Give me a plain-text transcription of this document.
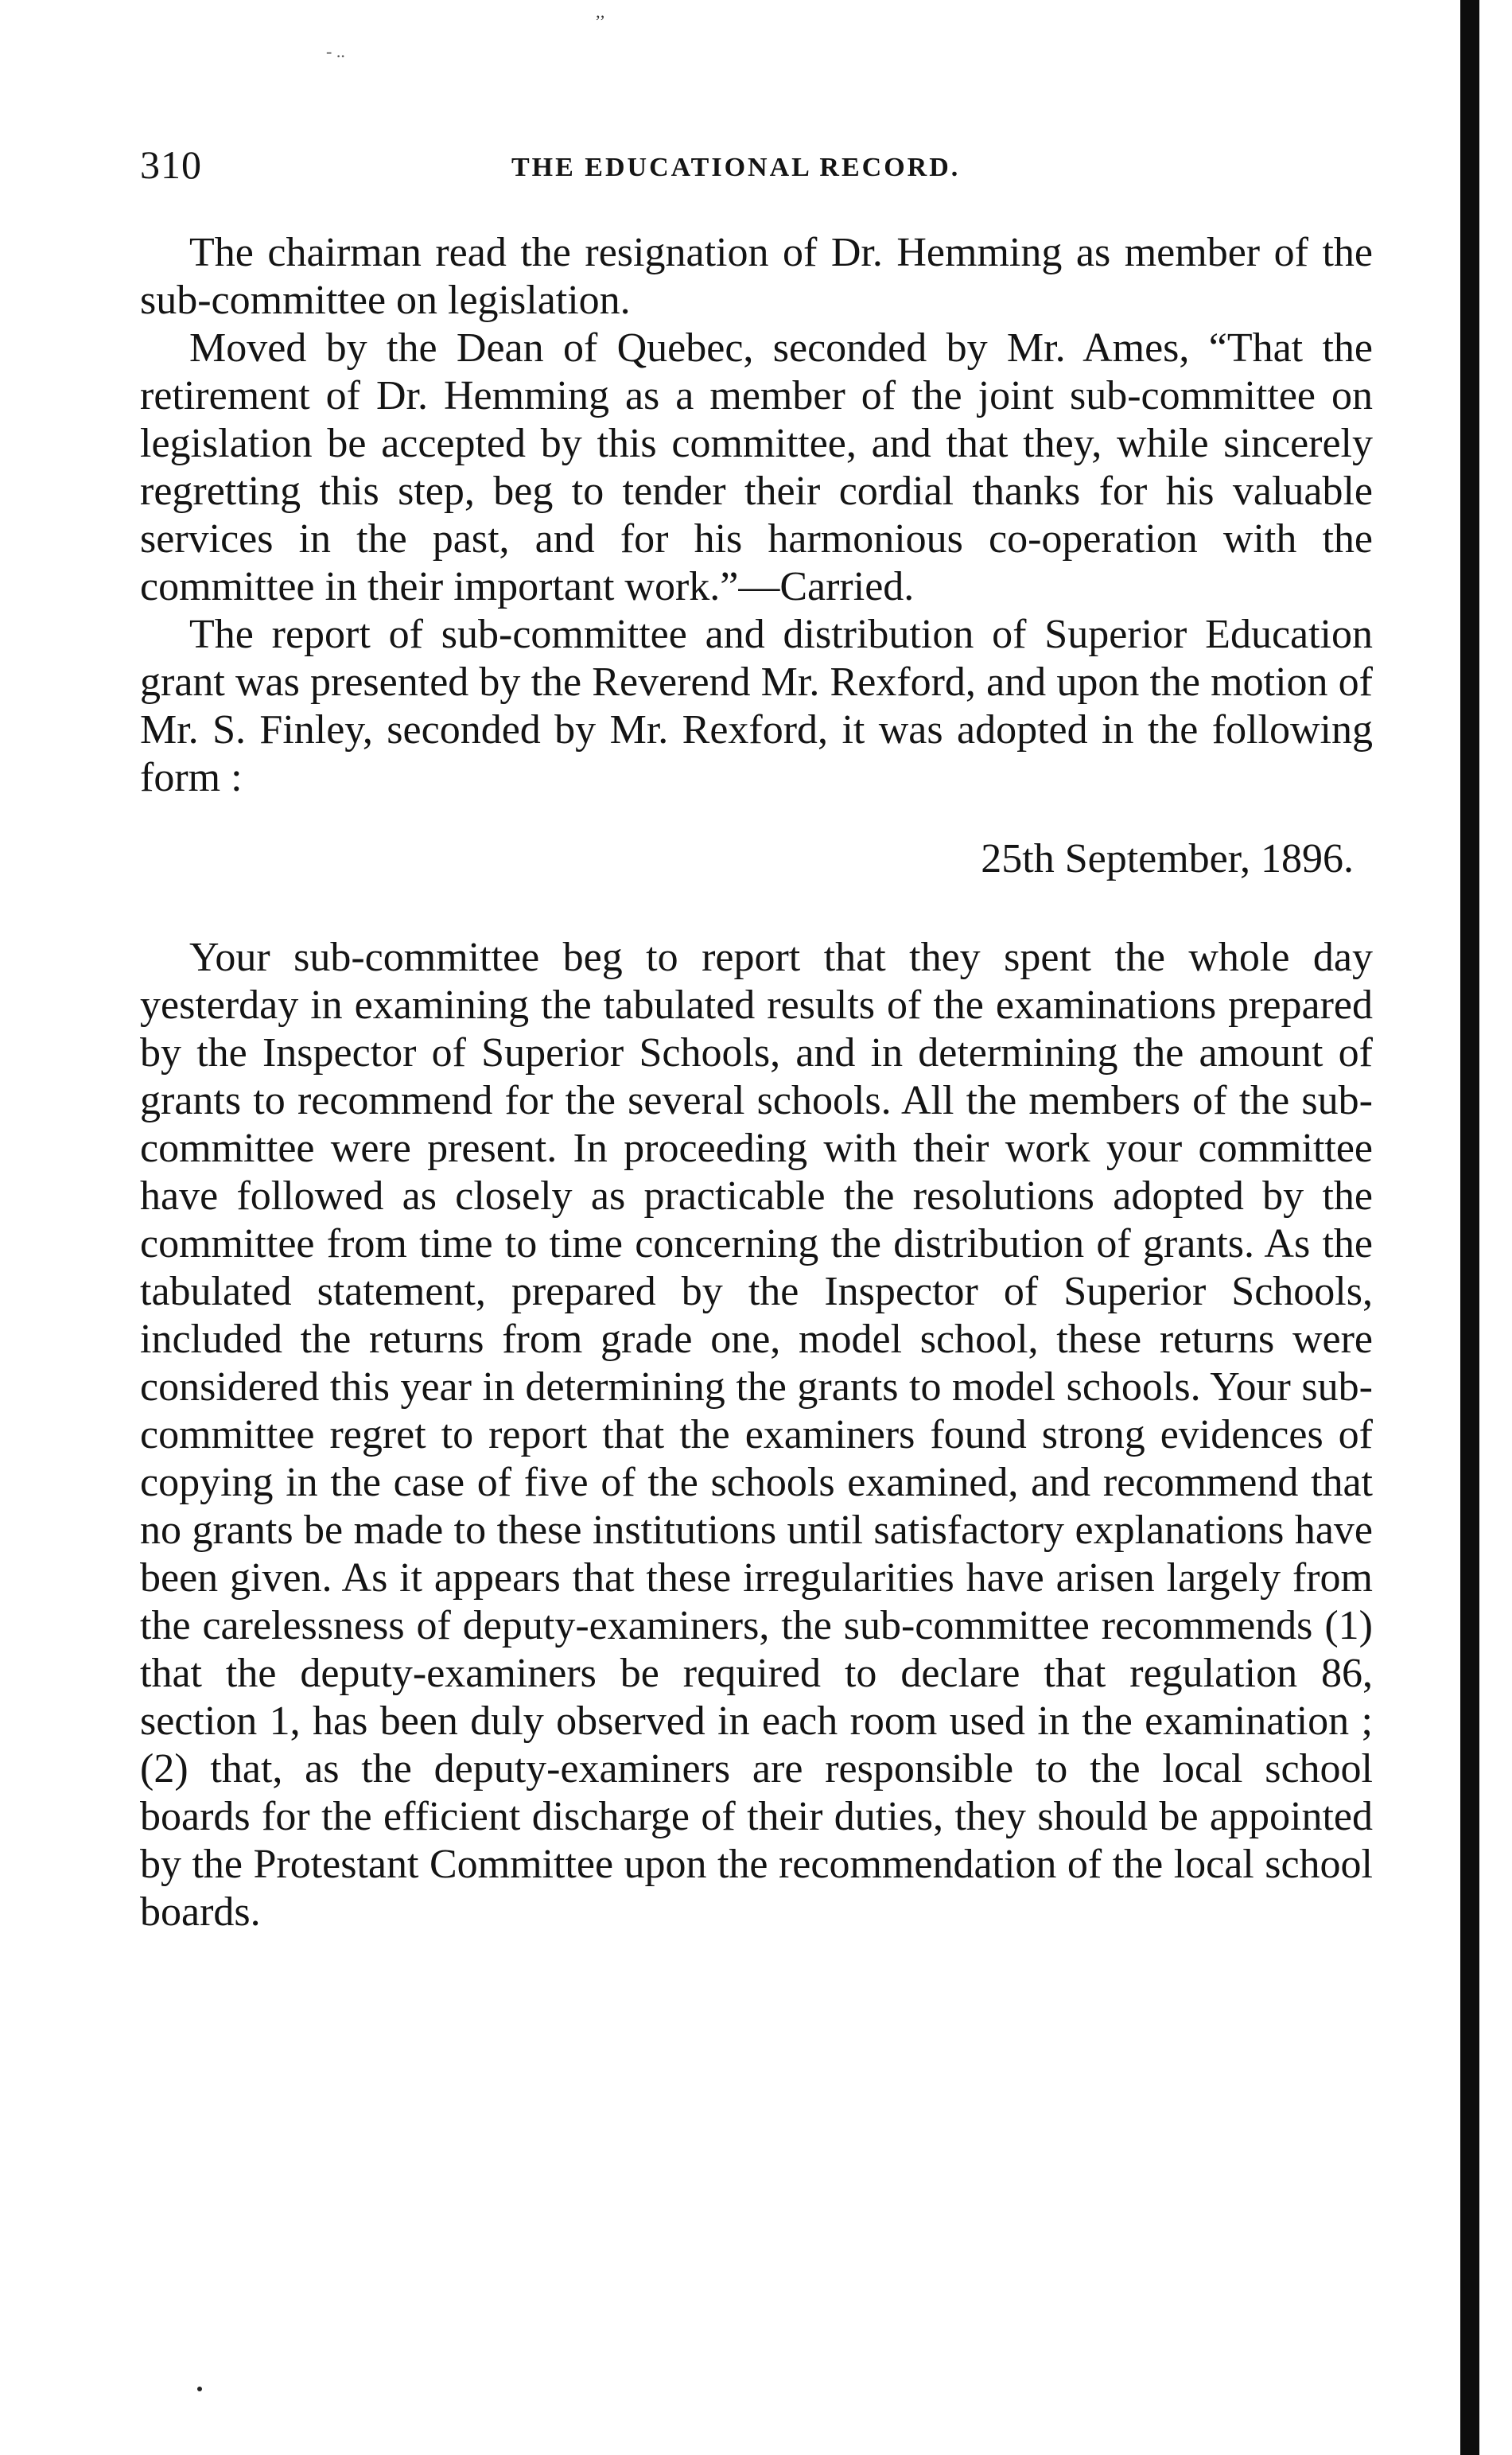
’’
- ..
310	THE EDUCATIONAL RECORD.

The chairman read the resignation of Dr. Hemming as member of the sub-committee on legislation.

Moved by the Dean of Quebec, seconded by Mr. Ames, “That the retirement of Dr. Hemming as a member of the joint sub-committee on legislation be accepted by this committee, and that they, while sincerely regretting this step, beg to tender their cordial thanks for his valuable services in the past, and for his harmonious co-operation with the committee in their important work.”—Carried.

The report of sub-committee and distribution of Superior Education grant was presented by the Reverend Mr. Rexford, and upon the motion of Mr. S. Finley, seconded by Mr. Rexford, it was adopted in the following form :

25th September, 1896.

Your sub-committee beg to report that they spent the whole day yesterday in examining the tabulated results of the examinations prepared by the Inspector of Superior Schools, and in determining the amount of grants to recommend for the several schools. All the members of the sub-committee were present. In proceeding with their work your committee have followed as closely as practicable the resolutions adopted by the committee from time to time concerning the distribution of grants. As the tabulated statement, prepared by the Inspector of Superior Schools, included the returns from grade one, model school, these returns were considered this year in determining the grants to model schools. Your sub-committee regret to report that the examiners found strong evidences of copying in the case of five of the schools examined, and recommend that no grants be made to these institutions until satisfactory explanations have been given. As it appears that these irregularities have arisen largely from the carelessness of deputy-examiners, the sub-committee recommends (1) that the deputy-examiners be required to declare that regulation 86, section 1, has been duly observed in each room used in the examination ; (2) that, as the deputy-examiners are responsible to the local school boards for the efficient discharge of their duties, they should be appointed by the Protestant Committee upon the recommendation of the local school boards.
